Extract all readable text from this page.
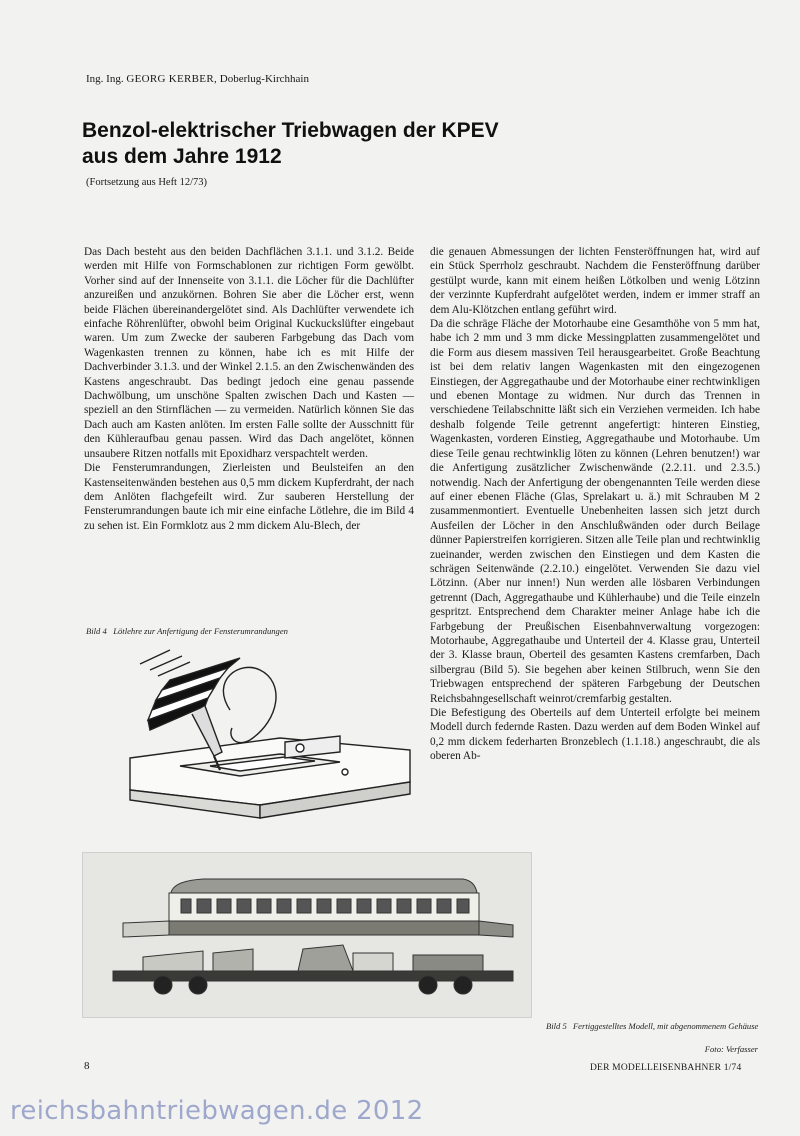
Ing. Ing. GEORG KERBER, Doberlug-Kirchhain
Benzol-elektrischer Triebwagen der KPEV
aus dem Jahre 1912
(Fortsetzung aus Heft 12/73)

Das Dach besteht aus den beiden Dachflächen 3.1.1. und 3.1.2. Beide werden mit Hilfe von Formschablonen zur richtigen Form gewölbt. Vorher sind auf der Innenseite von 3.1.1. die Löcher für die Dachlüfter anzureißen und anzukörnen. Bohren Sie aber die Löcher erst, wenn beide Flächen übereinandergelötet sind. Als Dachlüfter verwendete ich einfache Röhrenlüfter, obwohl beim Original Kuckuckslüfter eingebaut waren. Um zum Zwecke der sauberen Farbgebung das Dach vom Wagenkasten trennen zu können, habe ich es mit Hilfe der Dachverbinder 3.1.3. und der Winkel 2.1.5. an den Zwischenwänden des Kastens angeschraubt. Das bedingt jedoch eine genau passende Dachwölbung, um unschöne Spalten zwischen Dach und Kasten — speziell an den Stirnflächen — zu vermeiden. Natürlich können Sie das Dach auch am Kasten anlöten. Im ersten Falle sollte der Ausschnitt für den Kühleraufbau genau passen. Wird das Dach angelötet, können unsaubere Ritzen notfalls mit Epoxidharz verspachtelt werden.

Die Fensterumrandungen, Zierleisten und Beulsteifen an den Kastenseitenwänden bestehen aus 0,5 mm dickem Kupferdraht, der nach dem Anlöten flachgefeilt wird. Zur sauberen Herstellung der Fensterumrandungen baute ich mir eine einfache Lötlehre, die im Bild 4 zu sehen ist. Ein Formklotz aus 2 mm dickem Alu-Blech, der

die genauen Abmessungen der lichten Fensteröffnungen hat, wird auf ein Stück Sperrholz geschraubt. Nachdem die Fensteröffnung darüber gestülpt wurde, kann mit einem heißen Lötkolben und wenig Lötzinn der verzinnte Kupferdraht aufgelötet werden, indem er immer straff an dem Alu-Klötzchen entlang geführt wird.

Da die schräge Fläche der Motorhaube eine Gesamthöhe von 5 mm hat, habe ich 2 mm und 3 mm dicke Messingplatten zusammengelötet und die Form aus diesem massiven Teil herausgearbeitet. Große Beachtung ist bei dem relativ langen Wagenkasten mit den eingezogenen Einstiegen, der Aggregathaube und der Motorhaube einer rechtwinkligen und ebenen Montage zu widmen. Nur durch das Trennen in verschiedene Teilabschnitte läßt sich ein Verziehen vermeiden. Ich habe deshalb folgende Teile getrennt angefertigt: hinteren Einstieg, Wagenkasten, vorderen Einstieg, Aggregathaube und Motorhaube. Um diese Teile genau rechtwinklig löten zu können (Lehren benutzen!) war die Anfertigung zusätzlicher Zwischenwände (2.2.11. und 2.3.5.) notwendig. Nach der Anfertigung der obengenannten Teile werden diese auf einer ebenen Fläche (Glas, Sprelakart u. ä.) mit Schrauben M 2 zusammenmontiert. Eventuelle Unebenheiten lassen sich jetzt durch Ausfeilen der Löcher in den Anschlußwänden oder durch Beilage dünner Papierstreifen korrigieren. Sitzen alle Teile plan und rechtwinklig zueinander, werden zwischen den Einstiegen und dem Kasten die schrägen Seitenwände (2.2.10.) eingelötet. Verwenden Sie dazu viel Lötzinn. (Aber nur innen!) Nun werden alle lösbaren Verbindungen getrennt (Dach, Aggregathaube und Kühlerhaube) und die Teile einzeln gespritzt. Entsprechend dem Charakter meiner Anlage habe ich die Farbgebung der Preußischen Eisenbahnverwaltung vorgezogen: Motorhaube, Aggregathaube und Unterteil der 4. Klasse grau, Unterteil der 3. Klasse braun, Oberteil des gesamten Kastens cremfarben, Dach silbergrau (Bild 5). Sie begehen aber keinen Stilbruch, wenn Sie den Triebwagen entsprechend der späteren Farbgebung der Deutschen Reichsbahngesellschaft weinrot/cremfarbig gestalten.

Die Befestigung des Oberteils auf dem Unterteil erfolgte bei meinem Modell durch federnde Rasten. Dazu werden auf dem Boden Winkel auf 0,2 mm dickem federharten Bronzeblech (1.1.18.) angeschraubt, die als oberen Ab-

Bild 4 Lötlehre zur Anfertigung der Fensterumrandungen
Bild 5 Fertiggestelltes Modell, mit abgenommenem Gehäuse
Foto: Verfasser
8	DER MODELLEISENBAHNER 1/74
reichsbahntriebwagen.de 2012
